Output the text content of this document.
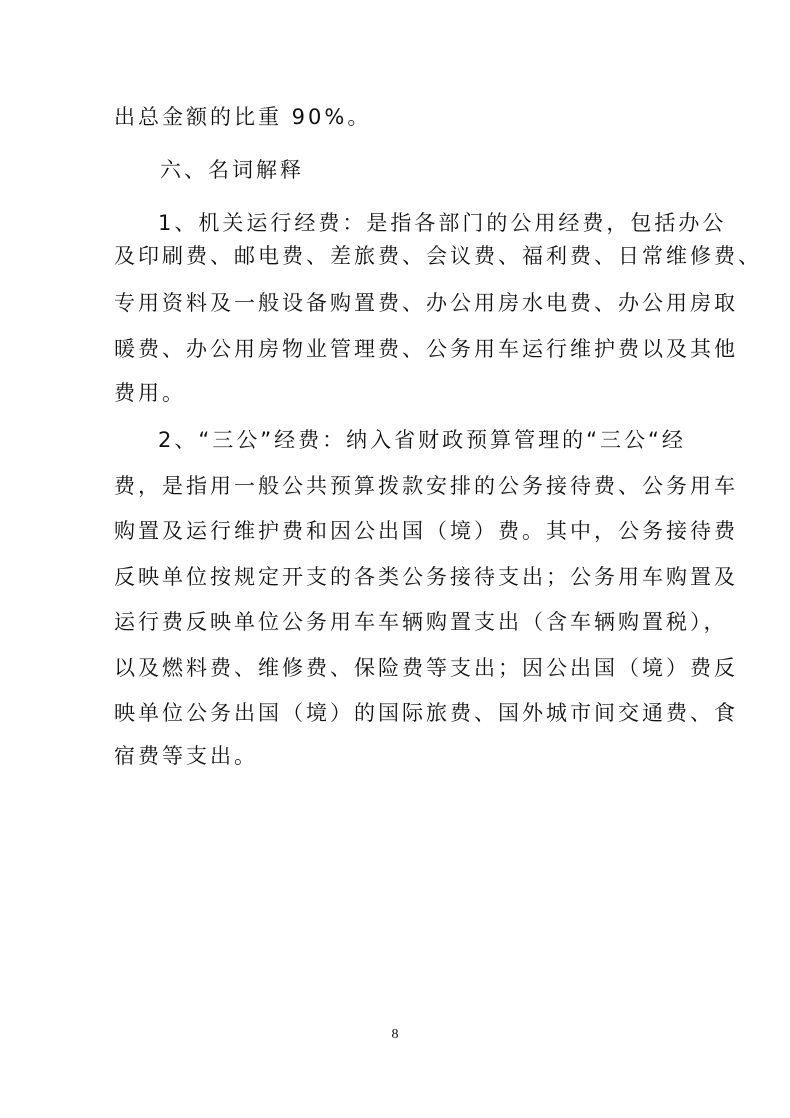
出总金额的比重 90%。

六、名词解释

1、机关运行经费：是指各部门的公用经费，包括办公

及印刷费、邮电费、差旅费、会议费、福利费、日常维修费、

专用资料及一般设备购置费、办公用房水电费、办公用房取

暖费、办公用房物业管理费、公务用车运行维护费以及其他

费用。

2、“三公”经费：纳入省财政预算管理的“三公“经

费，是指用一般公共预算拨款安排的公务接待费、公务用车

购置及运行维护费和因公出国（境）费。其中，公务接待费

反映单位按规定开支的各类公务接待支出；公务用车购置及

运行费反映单位公务用车车辆购置支出（含车辆购置税），

以及燃料费、维修费、保险费等支出；因公出国（境）费反

映单位公务出国（境）的国际旅费、国外城市间交通费、食

宿费等支出。

8
